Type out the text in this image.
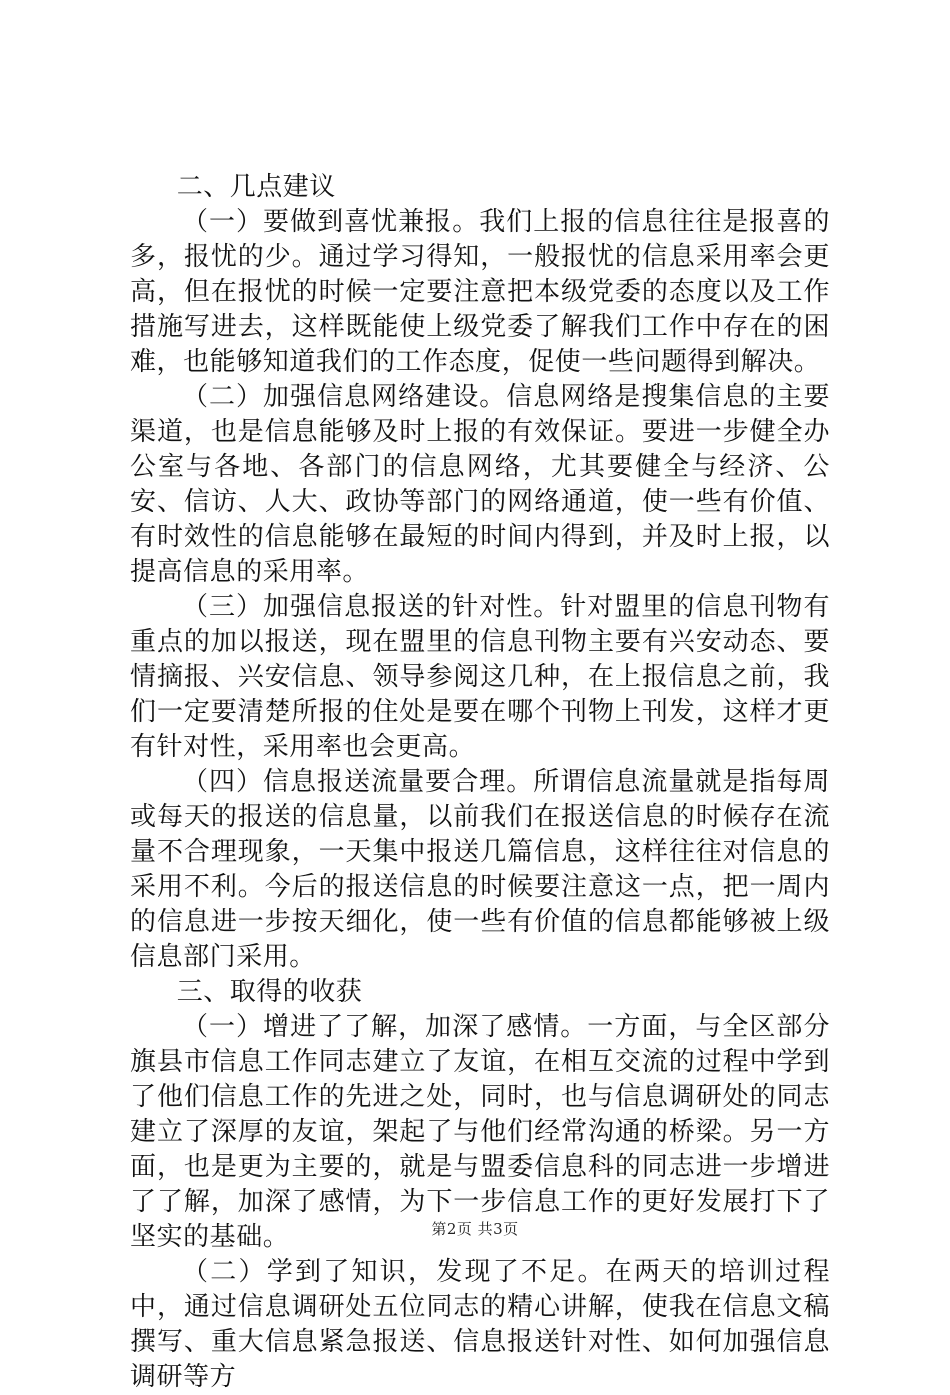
二、几点建议

（一）要做到喜忧兼报。我们上报的信息往往是报喜的多，报忧的少。通过学习得知，一般报忧的信息采用率会更高，但在报忧的时候一定要注意把本级党委的态度以及工作措施写进去，这样既能使上级党委了解我们工作中存在的困难，也能够知道我们的工作态度，促使一些问题得到解决。

（二）加强信息网络建设。信息网络是搜集信息的主要渠道，也是信息能够及时上报的有效保证。要进一步健全办公室与各地、各部门的信息网络，尤其要健全与经济、公安、信访、人大、政协等部门的网络通道，使一些有价值、有时效性的信息能够在最短的时间内得到，并及时上报，以提高信息的采用率。

（三）加强信息报送的针对性。针对盟里的信息刊物有重点的加以报送，现在盟里的信息刊物主要有兴安动态、要情摘报、兴安信息、领导参阅这几种，在上报信息之前，我们一定要清楚所报的住处是要在哪个刊物上刊发，这样才更有针对性，采用率也会更高。

（四）信息报送流量要合理。所谓信息流量就是指每周或每天的报送的信息量，以前我们在报送信息的时候存在流量不合理现象，一天集中报送几篇信息，这样往往对信息的采用不利。今后的报送信息的时候要注意这一点，把一周内的信息进一步按天细化，使一些有价值的信息都能够被上级信息部门采用。

三、取得的收获

（一）增进了了解，加深了感情。一方面，与全区部分旗县市信息工作同志建立了友谊，在相互交流的过程中学到了他们信息工作的先进之处，同时，也与信息调研处的同志建立了深厚的友谊，架起了与他们经常沟通的桥梁。另一方面，也是更为主要的，就是与盟委信息科的同志进一步增进了了解，加深了感情，为下一步信息工作的更好发展打下了坚实的基础。

（二）学到了知识，发现了不足。在两天的培训过程中，通过信息调研处五位同志的精心讲解，使我在信息文稿撰写、重大信息紧急报送、信息报送针对性、如何加强信息调研等方

第2页 共3页
